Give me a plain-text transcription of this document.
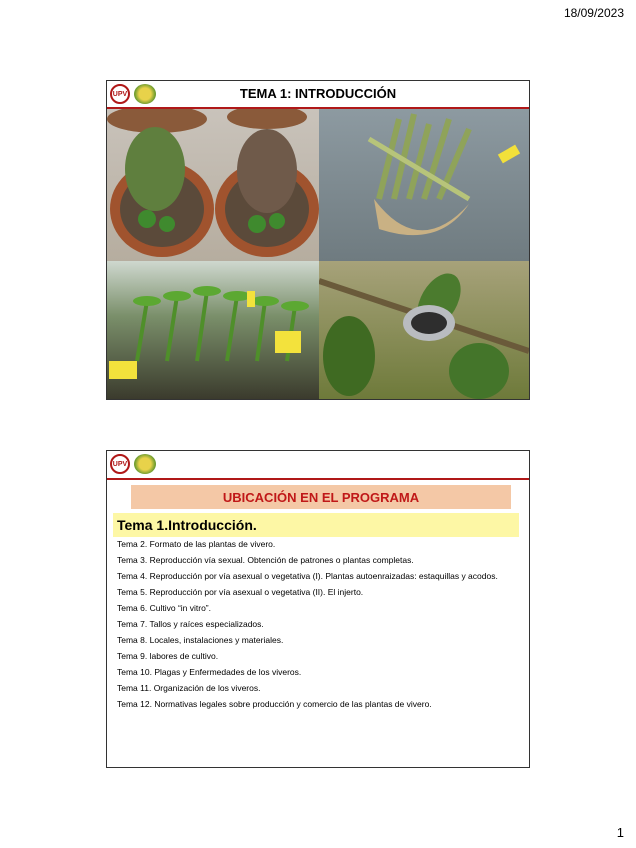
18/09/2023
UPV	TEMA 1: INTRODUCCIÓN
UPV
UBICACIÓN EN EL PROGRAMA
Tema 1.Introducción.
Tema 2. Formato de las plantas de vivero.
Tema 3. Reproducción vía sexual. Obtención de patrones o plantas completas.
Tema 4. Reproducción por vía asexual o vegetativa (I). Plantas autoenraizadas: estaquillas y acodos.
Tema 5. Reproducción por vía asexual o vegetativa (II). El injerto.
Tema 6. Cultivo “in vitro”.
Tema 7. Tallos y raíces especializados.
Tema 8. Locales, instalaciones y materiales.
Tema 9. labores de cultivo.
Tema 10. Plagas y Enfermedades de los viveros.
Tema 11. Organización de los viveros.
Tema 12. Normativas legales sobre producción y comercio de las plantas de vivero.
1
